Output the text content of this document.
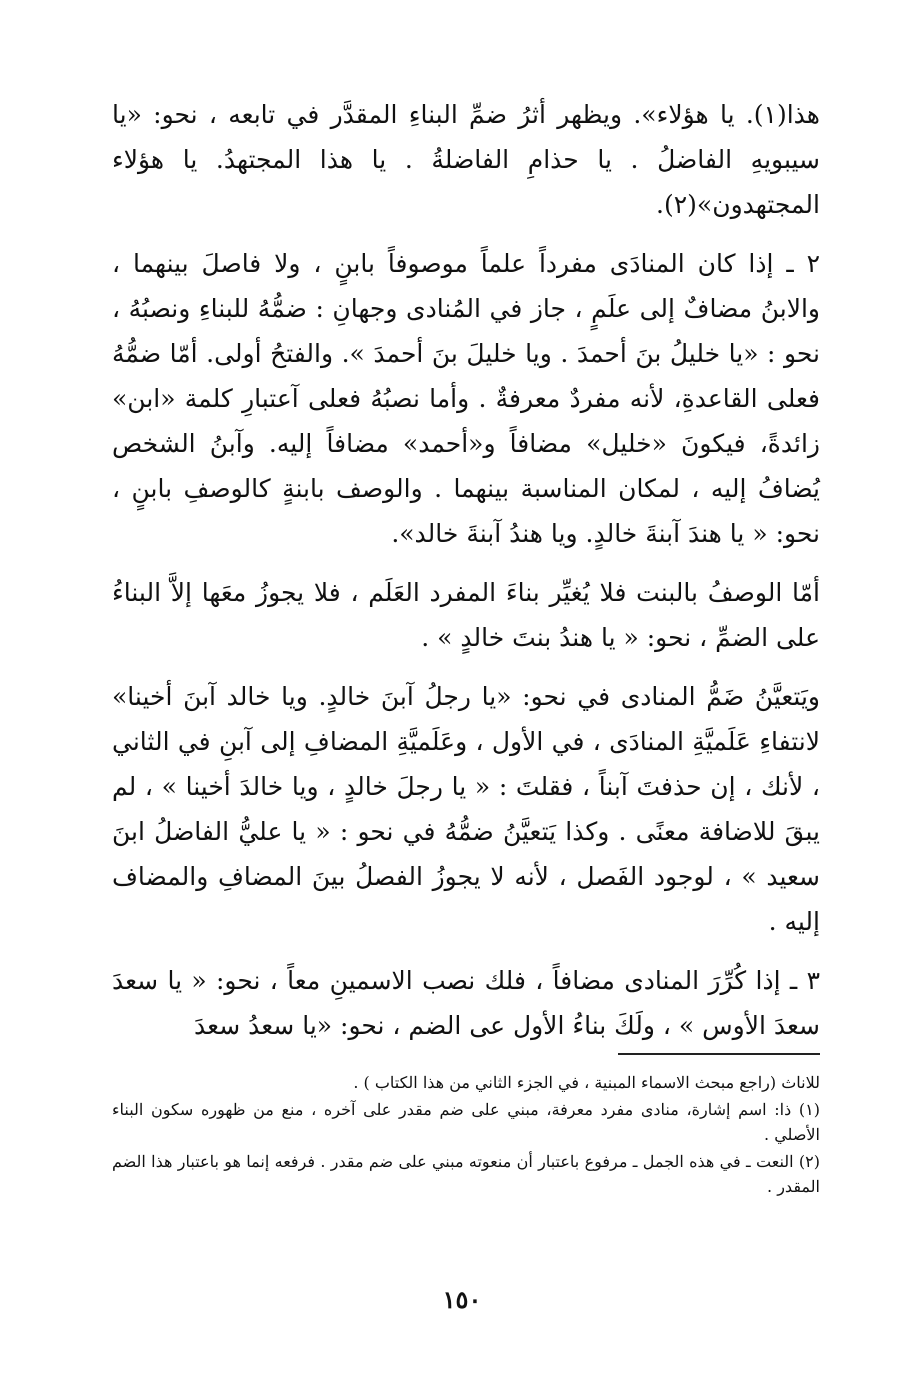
هذا(١). يا هؤلاء». ويظهر أثرُ ضمِّ البناءِ المقدَّر في تابعه ، نحو: «يا سيبويهِ الفاضلُ . يا حذامِ الفاضلةُ . يا هذا المجتهدُ. يا هؤلاء المجتهدون»(٢).

٢ ـ إذا كان المنادَى مفرداً علماً موصوفاً بابنٍ ، ولا فاصلَ بينهما ، والابنُ مضافٌ إلى علَمٍ ، جاز في المُنادى وجهانِ : ضمُّهُ للبناءِ ونصبُهُ ، نحو : «يا خليلُ بنَ أحمدَ . ويا خليلَ بنَ أحمدَ ». والفتحُ أولى. أمّا ضمُّهُ فعلى القاعدةِ، لأنه مفردٌ معرفةٌ . وأما نصبُهُ فعلى آعتبارِ كلمة «ابن» زائدةً، فيكونَ «خليل» مضافاً و«أحمد» مضافاً إليه. وآبنُ الشخص يُضافُ إليه ، لمكان المناسبة بينهما . والوصف بابنةٍ كالوصفِ بابنٍ ، نحو: « يا هندَ آبنةَ خالدٍ. ويا هندُ آبنةَ خالد».

أمّا الوصفُ بالبنت فلا يُغيِّر بناءَ المفرد العَلَم ، فلا يجوزُ معَها إلاَّ البناءُ على الضمِّ ، نحو: « يا هندُ بنتَ خالدٍ » .

ويَتعيَّنُ ضَمُّ المنادى في نحو: «يا رجلُ آبنَ خالدٍ. ويا خالد آبنَ أخينا» لانتفاءِ عَلَميَّةِ المنادَى ، في الأول ، وعَلَميَّةِ المضافِ إلى آبنِ في الثاني ، لأنك ، إن حذفتَ آبناً ، فقلتَ : « يا رجلَ خالدٍ ، ويا خالدَ أخينا » ، لم يبقَ للاضافة معنًى . وكذا يَتعيَّنُ ضمُّهُ في نحو : « يا عليُّ الفاضلُ ابنَ سعيد » ، لوجود الفَصل ، لأنه لا يجوزُ الفصلُ بينَ المضافِ والمضاف إليه .

٣ ـ إذا كُرِّرَ المنادى مضافاً ، فلك نصب الاسمينِ معاً ، نحو: « يا سعدَ سعدَ الأوس » ، ولَكَ بناءُ الأول عى الضم ، نحو: «يا سعدُ سعدَ

للاناث (راجع مبحث الاسماء المبنية ، في الجزء الثاني من هذا الكتاب ) .

(١) ذا: اسم إشارة، منادى مفرد معرفة، مبني على ضم مقدر على آخره ، منع من ظهوره سكون البناء الأصلي .

(٢) النعت ـ في هذه الجمل ـ مرفوع باعتبار أن منعوته مبني على ضم مقدر . فرفعه إنما هو باعتبار هذا الضم المقدر .

١٥٠
